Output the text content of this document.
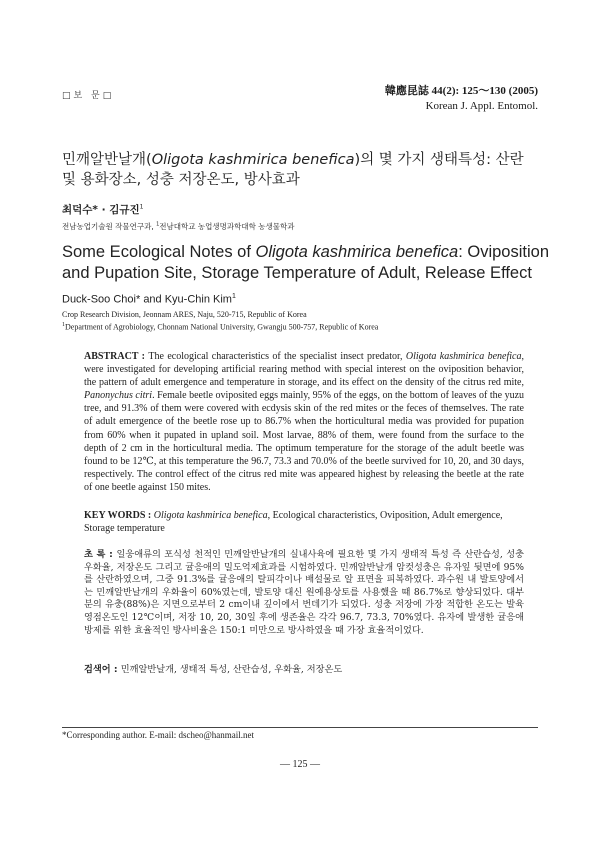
□보 문□	韓應昆誌 44(2): 125～130 (2005)
Korean J. Appl. Entomol.
민깨알반날개(Oligota kashmirica benefica)의 몇 가지 생태특성: 산란 및 용화장소, 성충 저장온도, 방사효과
최덕수* · 김규진$^1$
전남농업기술원 작물연구과, $^1$전남대학교 농업생명과학대학 농생물학과
Some Ecological Notes of Oligota kashmirica benefica: Oviposition and Pupation Site, Storage Temperature of Adult, Release Effect
Duck-Soo Choi* and Kyu-Chin Kim$^1$
Crop Research Division, Jeonnam ARES, Naju, 520-715, Republic of Korea
$^1$Department of Agrobiology, Chonnam National University, Gwangju 500-757, Republic of Korea
ABSTRACT : The ecological characteristics of the specialist insect predator, Oligota kashmirica benefica, were investigated for developing artificial rearing method with special interest on the oviposition behavior, the pattern of adult emergence and temperature in storage, and its effect on the density of the citrus red mite, Panonychus citri. Female beetle oviposited eggs mainly, 95% of the eggs, on the bottom of leaves of the yuzu tree, and 91.3% of them were covered with ecdysis skin of the red mites or the feces of themselves. The rate of adult emergence of the beetle rose up to 86.7% when the horticultural media was provided for pupation from 60% when it pupated in upland soil. Most larvae, 88% of them, were found from the surface to the depth of 2 cm in the horticultural media. The optimum temperature for the storage of the adult beetle was found to be 12℃, at this temperature the 96.7, 73.3 and 70.0% of the beetle survived for 10, 20, and 30 days, respectively. The control effect of the citrus red mite was appeared highest by releasing the beetle at the rate of one beetle against 150 mites.
KEY WORDS : Oligota kashmirica benefica, Ecological characteristics, Oviposition, Adult emergence, Storage temperature
초 록 : 일웅애류의 포식성 천적인 민깨알반날개의 실내사육에 필요한 몇 가지 생태적 특성 즉 산란습성, 성충우화율, 저장온도 그리고 귤응애의 밀도억제효과를 시험하였다. 민깨알반날개 암컷성충은 유자잎 뒷면에 95%를 산란하였으며, 그중 91.3%를 귤응애의 탈피각이나 배설물로 알 표면을 피복하였다. 과수원 내 발토양에서는 민깨알반날개의 우화율이 60%였는데, 발토양 대신 원예용상토를 사용했을 때 86.7%로 향상되었다. 대부분의 유충(88%)은 지면으로부터 2 cm이내 깊이에서 번데기가 되었다. 성충 저장에 가장 적합한 온도는 발육영점온도인 12℃이며, 저장 10, 20, 30일 후에 생존율은 각각 96.7, 73.3, 70%였다. 유자에 발생한 귤응애 방제를 위한 효율적인 방사비율은 150:1 미만으로 방사하였을 때 가장 효율적이었다.
검색어 : 민깨알반날개, 생태적 특성, 산란습성, 우화율, 저장온도
*Corresponding author. E-mail: dscheo@hanmail.net
— 125 —
